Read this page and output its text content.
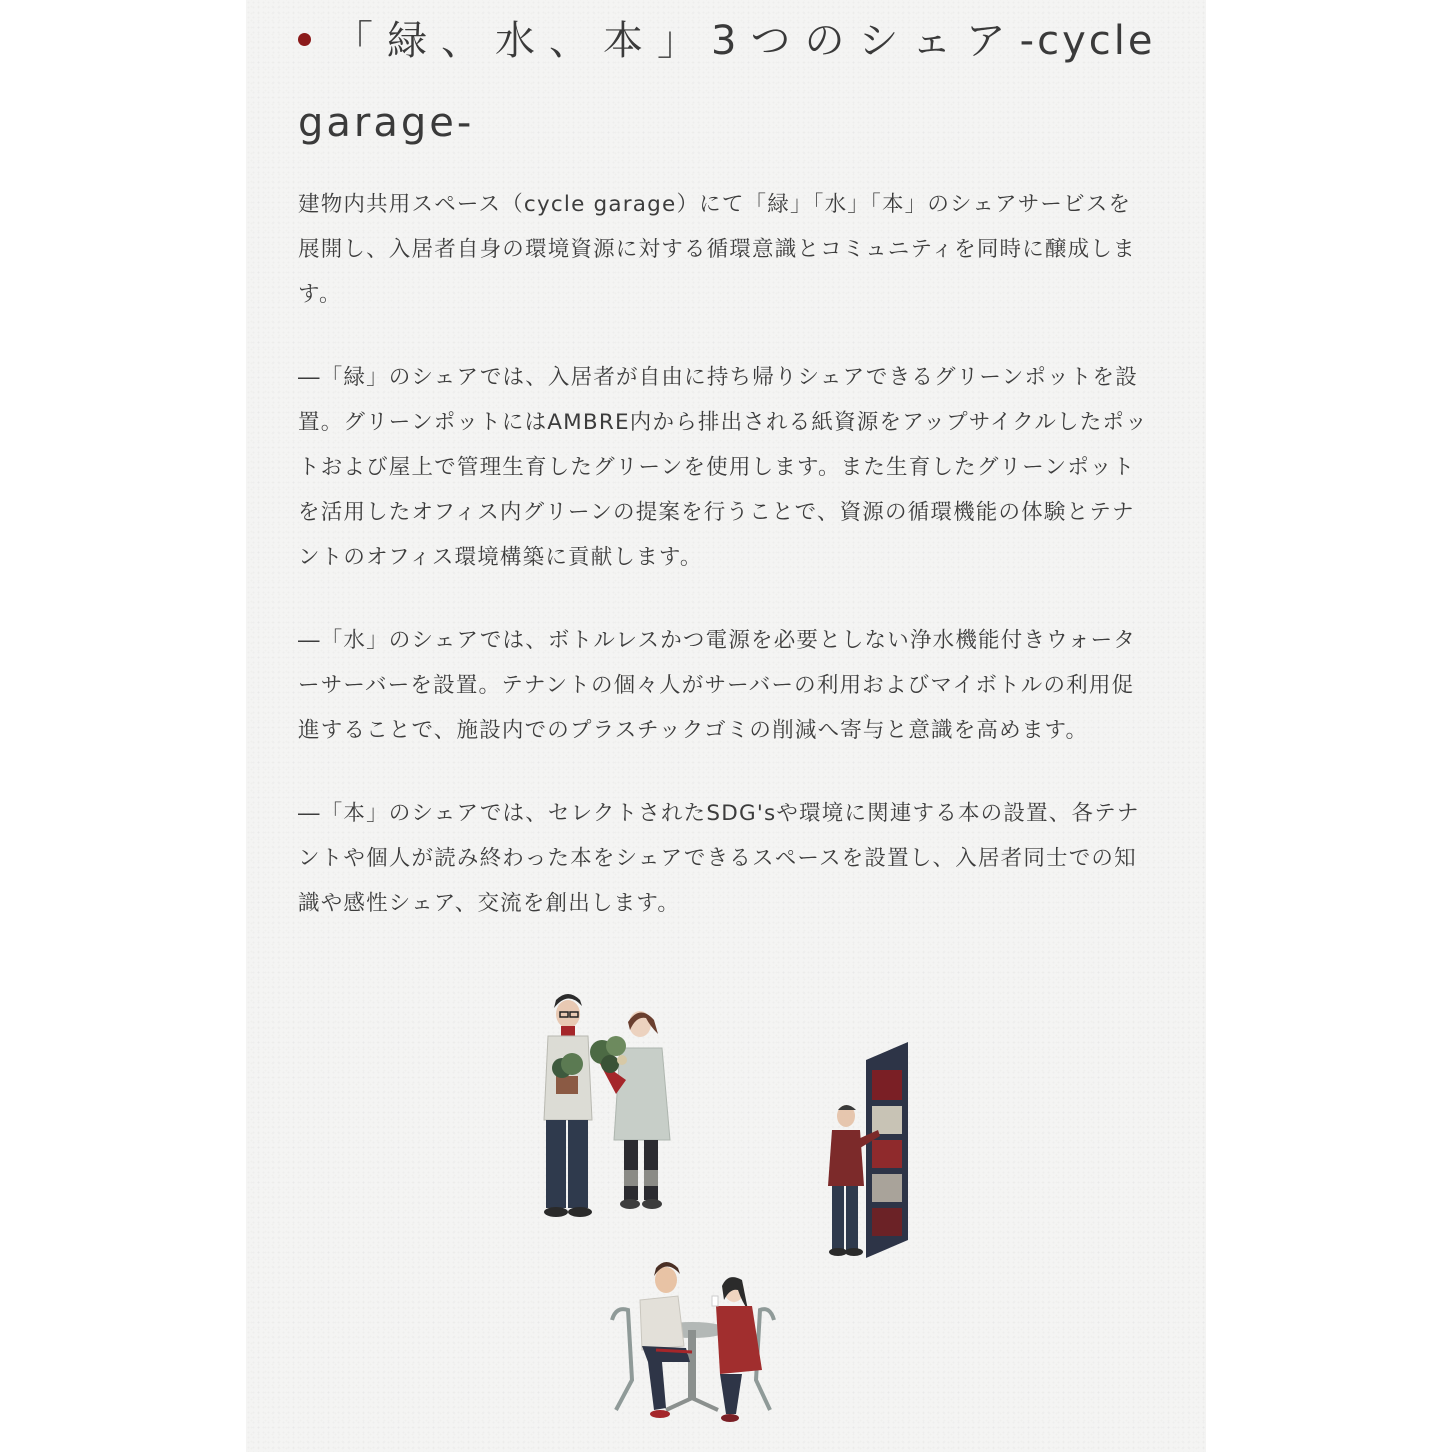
「緑、水、本」3つのシェア-cycle garage-

建物内共用スペース（cycle garage）にて「緑」「水」「本」のシェアサービスを展開し、入居者自身の環境資源に対する循環意識とコミュニティを同時に醸成します。

―「緑」のシェアでは、入居者が自由に持ち帰りシェアできるグリーンポットを設置。グリーンポットにはAMBRE内から排出される紙資源をアップサイクルしたポットおよび屋上で管理生育したグリーンを使用します。また生育したグリーンポットを活用したオフィス内グリーンの提案を行うことで、資源の循環機能の体験とテナントのオフィス環境構築に貢献します。

―「水」のシェアでは、ボトルレスかつ電源を必要としない浄水機能付きウォーターサーバーを設置。テナントの個々人がサーバーの利用およびマイボトルの利用促進することで、施設内でのプラスチックゴミの削減へ寄与と意識を高めます。

―「本」のシェアでは、セレクトされたSDG'sや環境に関連する本の設置、各テナントや個人が読み終わった本をシェアできるスペースを設置し、入居者同士での知識や感性シェア、交流を創出します。
